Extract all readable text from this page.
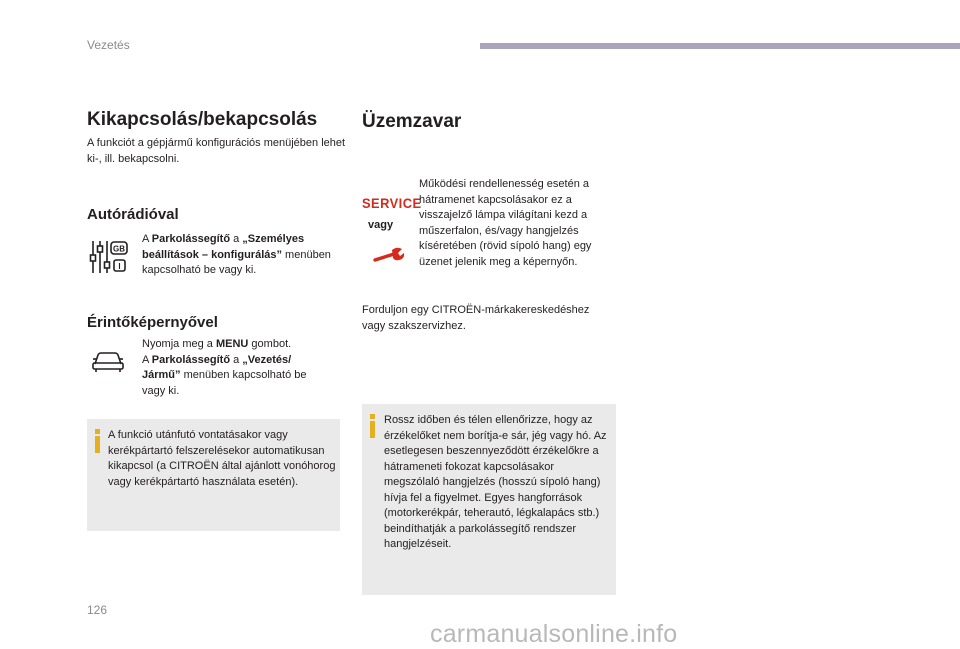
Vezetés
Kikapcsolás/bekapcsolás
A funkciót a gépjármű konfigurációs menüjében lehet ki-, ill. bekapcsolni.
Autórádióval
GB
I
A Parkolássegítő a „Személyes beállítások – konfigurálás” menüben kapcsolható be vagy ki.
Érintőképernyővel
Nyomja meg a MENU gombot.
A Parkolássegítő a „Vezetés/ Jármű” menüben kapcsolható be vagy ki.
A funkció utánfutó vontatásakor vagy kerékpártartó felszerelésekor automatikusan kikapcsol (a CITROËN által ajánlott vonóhorog vagy kerékpártartó használata esetén).
Üzemzavar
SERVICE
vagy
Működési rendellenesség esetén a hátramenet kapcsolásakor ez a visszajelző lámpa világítani kezd a műszerfalon, és/vagy hangjelzés kíséretében (rövid sípoló hang) egy üzenet jelenik meg a képernyőn.
Forduljon egy CITROËN-márkakereskedéshez vagy szakszervizhez.
Rossz időben és télen ellenőrizze, hogy az érzékelőket nem borítja-e sár, jég vagy hó. Az esetlegesen beszennyeződött érzékelőkre a hátrameneti fokozat kapcsolásakor megszólaló hangjelzés (hosszú sípoló hang) hívja fel a figyelmet. Egyes hangforrások (motorkerékpár, teherautó, légkalapács stb.) beindíthatják a parkolássegítő rendszer hangjelzéseit.
126
carmanualsonline.info
